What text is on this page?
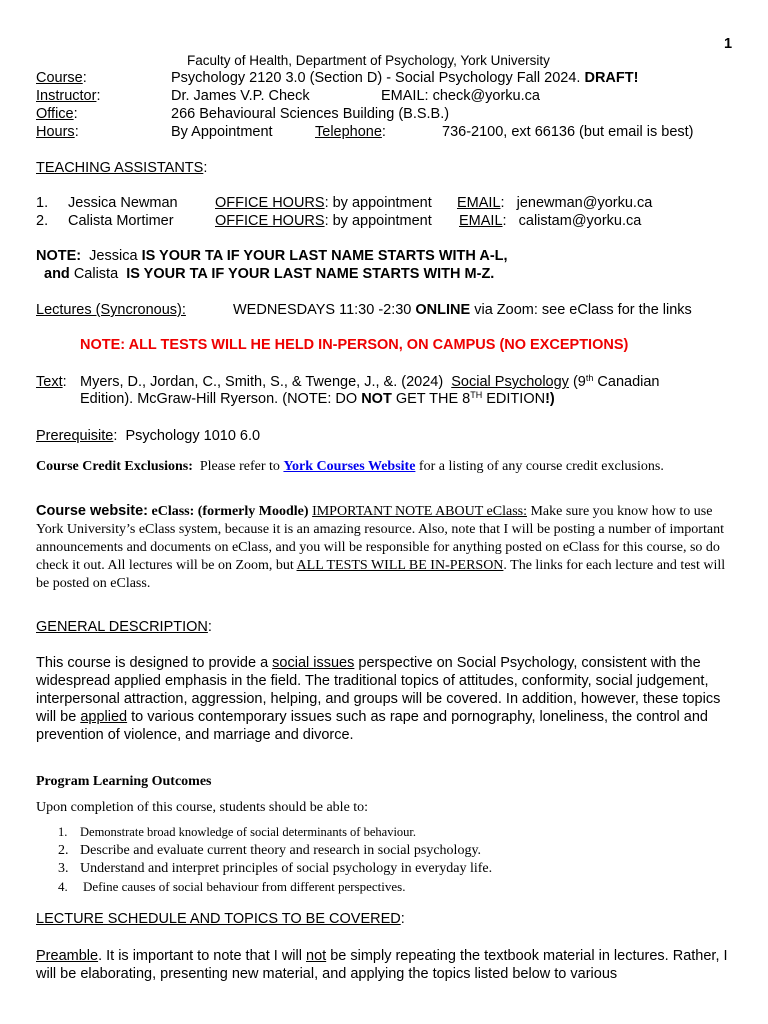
1
Faculty of Health, Department of Psychology, York University
Course:	Psychology 2120 3.0 (Section D) - Social Psychology Fall 2024. DRAFT!
Instructor:	Dr. James V.P. Check	EMAIL: check@yorku.ca
Office:	266 Behavioural Sciences Building (B.S.B.)
Hours:	By Appointment	Telephone:	736-2100, ext 66136 (but email is best)
TEACHING ASSISTANTS:
1. Jessica Newman	OFFICE HOURS: by appointment EMAIL:   jenewman@yorku.ca
2. Calista Mortimer	OFFICE HOURS: by appointment EMAIL:   calistam@yorku.ca
NOTE: Jessica IS YOUR TA IF YOUR LAST NAME STARTS WITH A-L,
and Calista IS YOUR TA IF YOUR LAST NAME STARTS WITH M-Z.
Lectures (Syncronous):	WEDNESDAYS 11:30 -2:30 ONLINE via Zoom: see eClass for the links
NOTE: ALL TESTS WILL HE HELD IN-PERSON, ON CAMPUS (NO EXCEPTIONS)
Text: Myers, D., Jordan, C., Smith, S., & Twenge, J., &. (2024) Social Psychology (9th Canadian
Edition). McGraw-Hill Ryerson. (NOTE: DO NOT GET THE 8TH EDITION!)
Prerequisite:  Psychology 1010 6.0
Course Credit Exclusions: Please refer to York Courses Website for a listing of any course credit exclusions.
Course website: eClass: (formerly Moodle) IMPORTANT NOTE ABOUT eClass: Make sure you know how to use York University’s eClass system, because it is an amazing resource. Also, note that I will be posting a number of important announcements and documents on eClass, and you will be responsible for anything posted on eClass for this course, so do check it out. All lectures will be on Zoom, but ALL TESTS WILL BE IN-PERSON. The links for each lecture and test will be posted on eClass.
GENERAL DESCRIPTION:
This course is designed to provide a social issues perspective on Social Psychology, consistent with the widespread applied emphasis in the field. The traditional topics of attitudes, conformity, social judgement, interpersonal attraction, aggression, helping, and groups will be covered. In addition, however, these topics will be applied to various contemporary issues such as rape and pornography, loneliness, the control and prevention of violence, and marriage and divorce.
Program Learning Outcomes
Upon completion of this course, students should be able to:
1. Demonstrate broad knowledge of social determinants of behaviour.
2. Describe and evaluate current theory and research in social psychology.
3. Understand and interpret principles of social psychology in everyday life.
4. Define causes of social behaviour from different perspectives.
LECTURE SCHEDULE AND TOPICS TO BE COVERED:
Preamble. It is important to note that I will not be simply repeating the textbook material in lectures. Rather, I will be elaborating, presenting new material, and applying the topics listed below to various
